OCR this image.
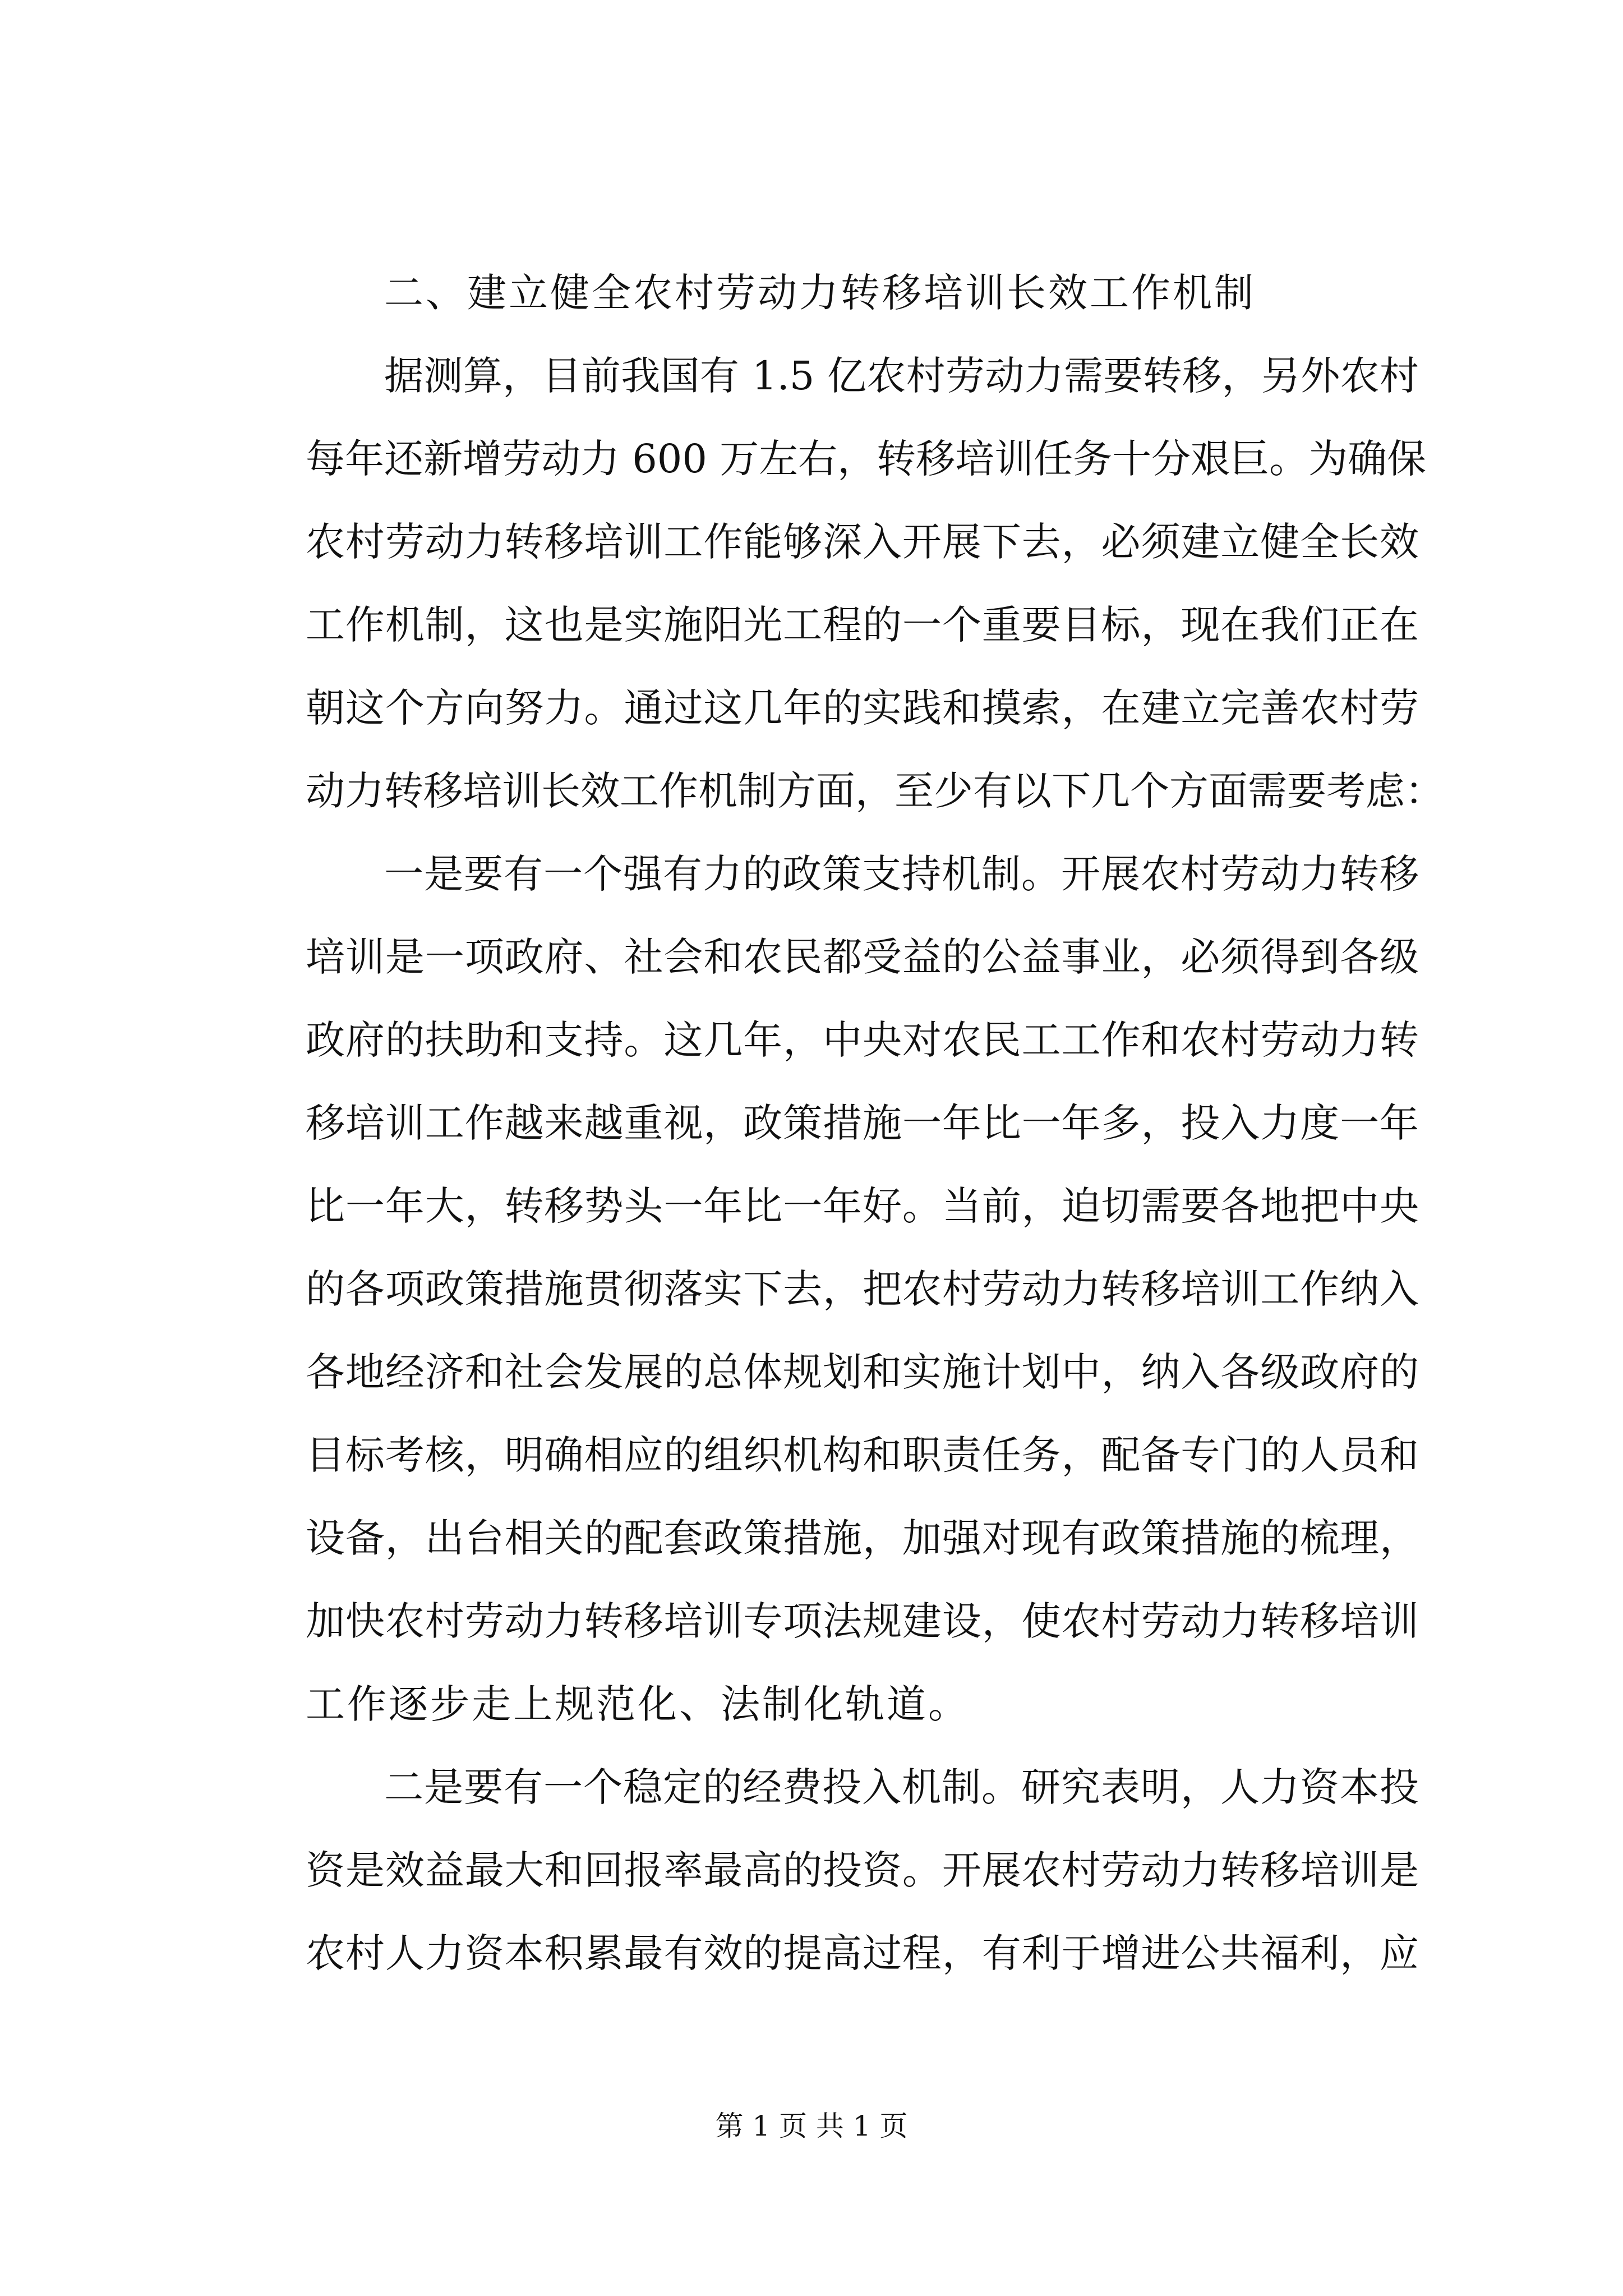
二、建立健全农村劳动力转移培训长效工作机制
据测算，目前我国有 1.5 亿农村劳动力需要转移，另外农村
每年还新增劳动力 600 万左右，转移培训任务十分艰巨。为确保
农村劳动力转移培训工作能够深入开展下去，必须建立健全长效
工作机制，这也是实施阳光工程的一个重要目标，现在我们正在
朝这个方向努力。通过这几年的实践和摸索，在建立完善农村劳
动力转移培训长效工作机制方面，至少有以下几个方面需要考虑：
一是要有一个强有力的政策支持机制。开展农村劳动力转移
培训是一项政府、社会和农民都受益的公益事业，必须得到各级
政府的扶助和支持。这几年，中央对农民工工作和农村劳动力转
移培训工作越来越重视，政策措施一年比一年多，投入力度一年
比一年大，转移势头一年比一年好。当前，迫切需要各地把中央
的各项政策措施贯彻落实下去，把农村劳动力转移培训工作纳入
各地经济和社会发展的总体规划和实施计划中，纳入各级政府的
目标考核，明确相应的组织机构和职责任务，配备专门的人员和
设备，出台相关的配套政策措施，加强对现有政策措施的梳理，
加快农村劳动力转移培训专项法规建设，使农村劳动力转移培训
工作逐步走上规范化、法制化轨道。
二是要有一个稳定的经费投入机制。研究表明，人力资本投
资是效益最大和回报率最高的投资。开展农村劳动力转移培训是
农村人力资本积累最有效的提高过程，有利于增进公共福利，应
第 1 页 共 1 页
